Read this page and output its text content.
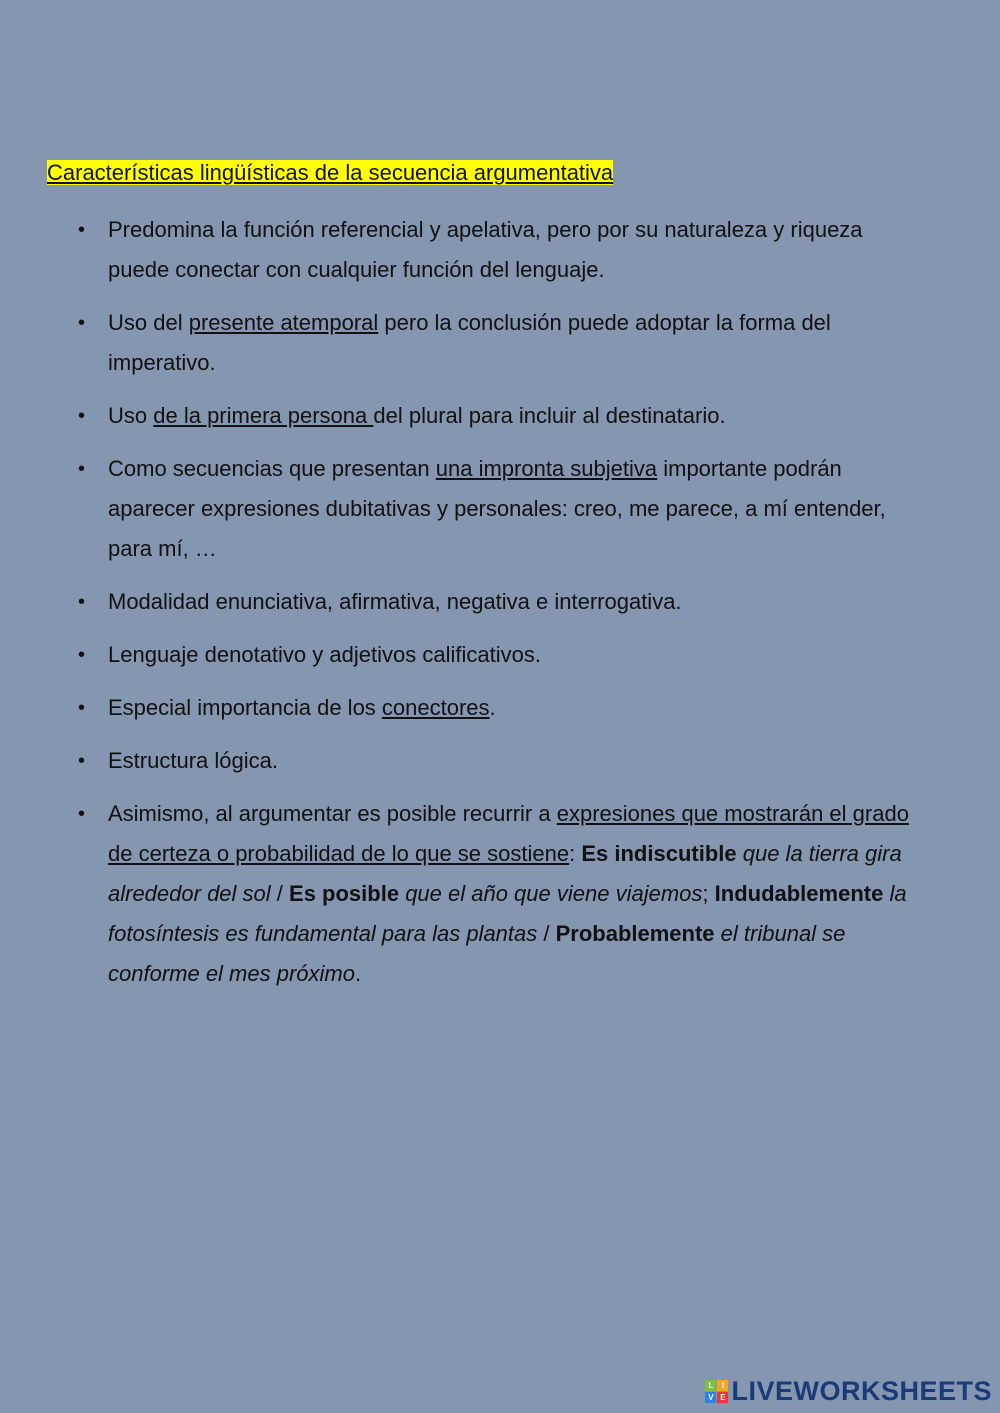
Características lingüísticas de la secuencia argumentativa
• Predomina la función referencial y apelativa, pero por su naturaleza y riqueza puede conectar con cualquier función del lenguaje.
• Uso del presente atemporal pero la conclusión puede adoptar la forma del imperativo.
• Uso de la primera persona del plural para incluir al destinatario.
• Como secuencias que presentan una impronta subjetiva importante podrán aparecer expresiones dubitativas y personales: creo, me parece, a mí entender, para mí, …
• Modalidad enunciativa, afirmativa, negativa e interrogativa.
• Lenguaje denotativo y adjetivos calificativos.
• Especial importancia de los conectores.
• Estructura lógica.
• Asimismo, al argumentar es posible recurrir a expresiones que mostrarán el grado de certeza o probabilidad de lo que se sostiene: Es indiscutible que la tierra gira alrededor del sol / Es posible que el año que viene viajemos; Indudablemente la fotosíntesis es fundamental para las plantas / Probablemente el tribunal se conforme el mes próximo.
L	I
V E LIVEWORKSHEETS
